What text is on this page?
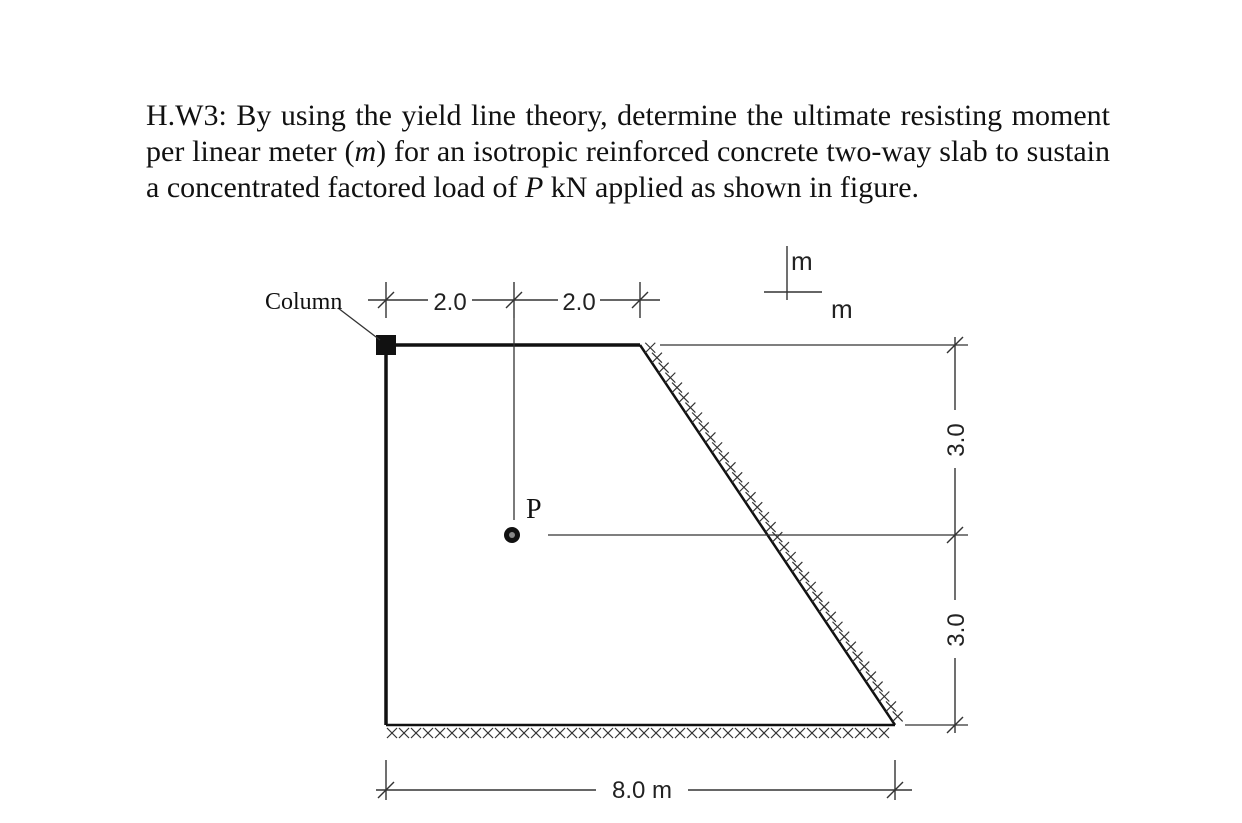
H.W3: By using the yield line theory, determine the ultimate resisting moment per linear meter (m) for an isotropic reinforced concrete two-way slab to sustain a concentrated factored load of P kN applied as shown in figure.

Column	2.0	2.0
P
3.0
3.0
8.0 m
m
m
